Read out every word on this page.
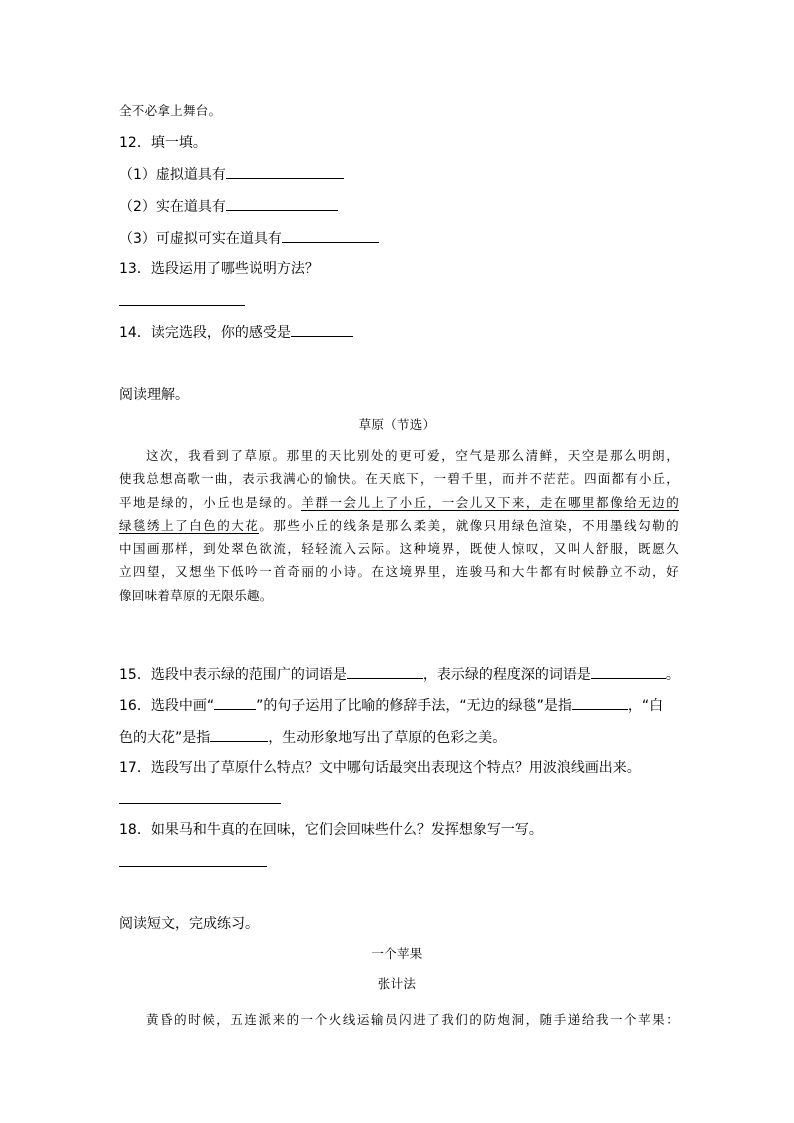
全不必拿上舞台。
12．填一填。
（1）虚拟道具有
（2）实在道具有
（3）可虚拟可实在道具有
13．选段运用了哪些说明方法？
14．读完选段，你的感受是
阅读理解。
草原（节选）
这次，我看到了草原。那里的天比别处的更可爱，空气是那么清鲜，天空是那么明朗，
使我总想高歌一曲，表示我满心的愉快。在天底下，一碧千里，而并不茫茫。四面都有小丘，
平地是绿的，小丘也是绿的。羊群一会儿上了小丘，一会儿又下来，走在哪里都像给无边的
绿毯绣上了白色的大花。那些小丘的线条是那么柔美，就像只用绿色渲染，不用墨线勾勒的
中国画那样，到处翠色欲流，轻轻流入云际。这种境界，既使人惊叹，又叫人舒服，既愿久
立四望，又想坐下低吟一首奇丽的小诗。在这境界里，连骏马和大牛都有时候静立不动，好
像回味着草原的无限乐趣。
15．选段中表示绿的范围广的词语是	，表示绿的程度深的词语是	。
16．选段中画“	”的句子运用了比喻的修辞手法，“无边的绿毯”是指	，“白
色的大花”是指	，生动形象地写出了草原的色彩之美。
17．选段写出了草原什么特点？文中哪句话最突出表现这个特点？用波浪线画出来。
18．如果马和牛真的在回味，它们会回味些什么？发挥想象写一写。
阅读短文，完成练习。
一个苹果
张计法
黄昏的时候，五连派来的一个火线运输员闪进了我们的防炮洞，随手递给我一个苹果：
